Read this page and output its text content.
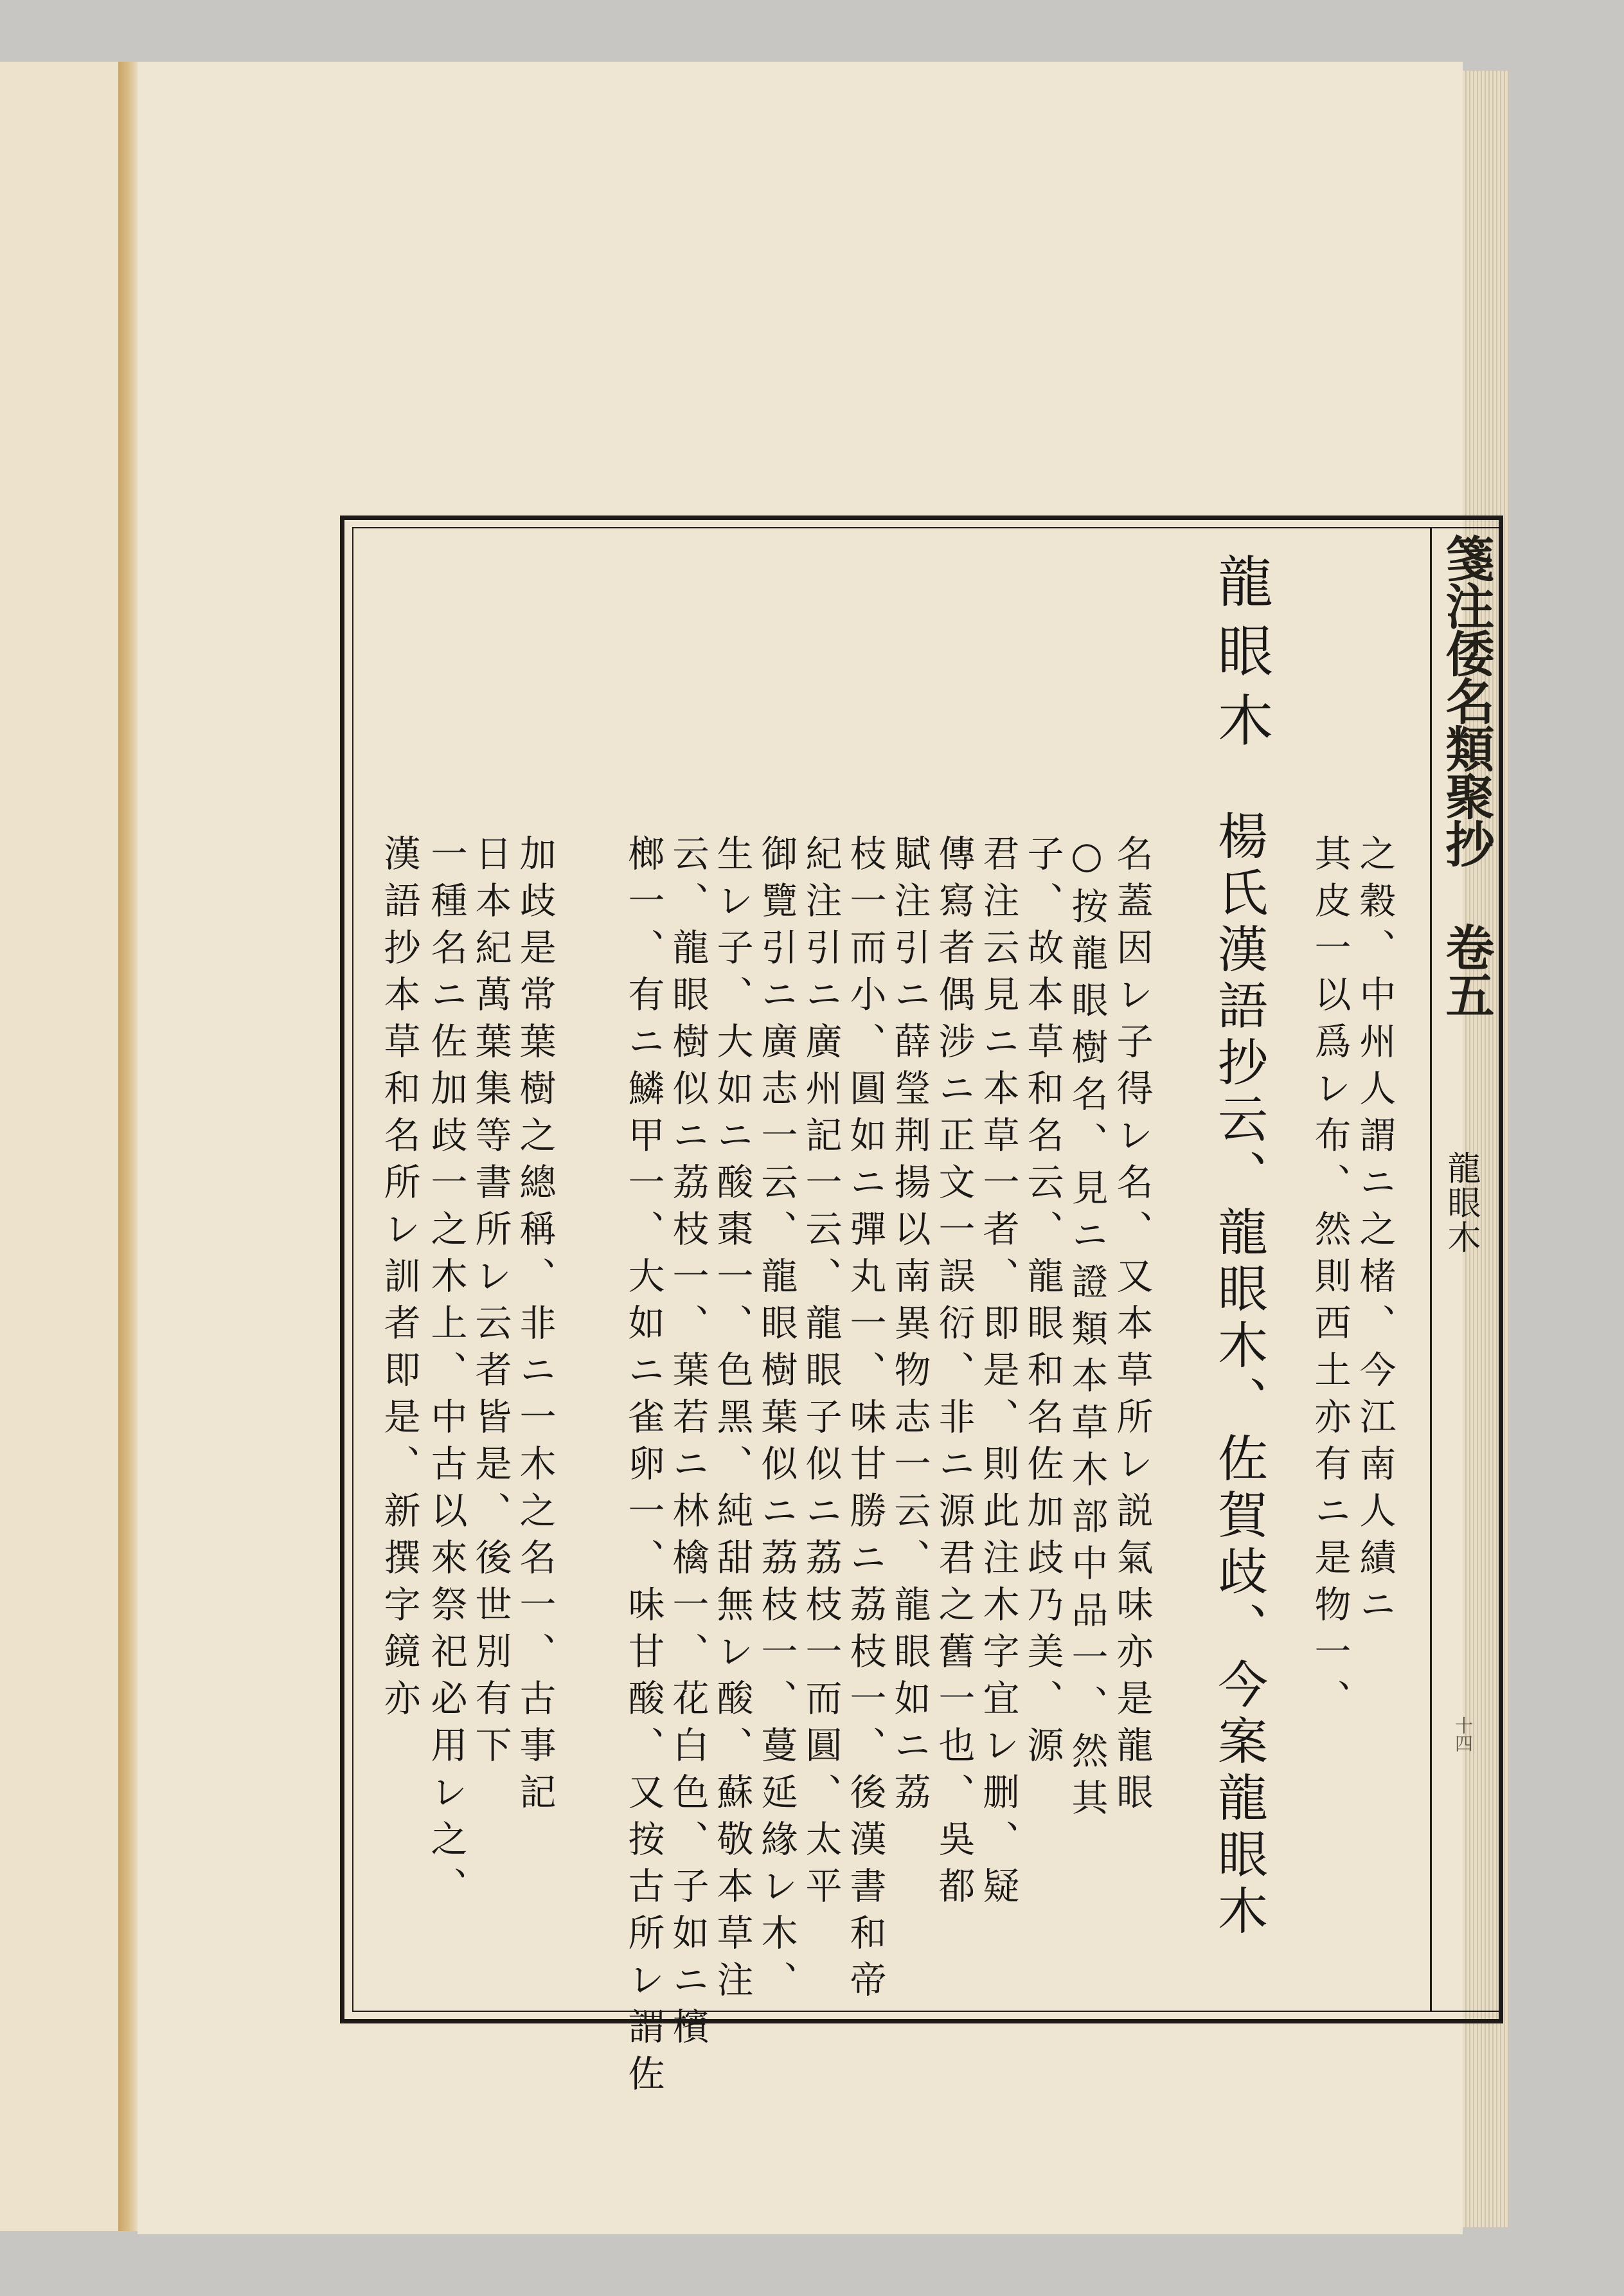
箋注倭名類聚抄 卷五
龍眼木
十四
龍眼木
楊氏漢語抄云、龍眼木、佐賀歧、今案龍眼木 之穀、中州人謂ニ之楮、今江南人績ニ
其皮一以爲レ布、然則西土亦有ニ是物一、
名蓋因レ子得レ名、又本草所レ説氣味亦是龍眼
○按龍眼樹名、見ニ證類本草木部中品一、然其
子、故本草和名云、龍眼和名佐加歧乃美、源
君注云見ニ本草一者、即是、則此注木字宜レ删、疑
傳寫者偶涉ニ正文一誤衍、非ニ源君之舊一也、吳都
賦注引ニ薛瑩荆揚以南異物志一云、龍眼如ニ荔
枝一而小、圓如ニ彈丸一、味甘勝ニ荔枝一、後漢書和帝
紀注引ニ廣州記一云、龍眼子似ニ荔枝一而圓、太平
御覽引ニ廣志一云、龍眼樹葉似ニ荔枝一、蔓延緣レ木、
生レ子、大如ニ酸棗一、色黑、純甜無レ酸、蘇敬本草注
云、龍眼樹似ニ荔枝一、葉若ニ林檎一、花白色、子如ニ檳
榔一、有ニ鱗甲一、大如ニ雀卵一、味甘酸、又按古所レ謂佐
加歧是常葉樹之總稱、非ニ一木之名一、古事記
日本紀萬葉集等書所レ云者皆是、後世別有下
一種名ニ佐加歧一之木上、中古以來祭祀必用レ之、
漢語抄本草和名所レ訓者即是、新撰字鏡亦
